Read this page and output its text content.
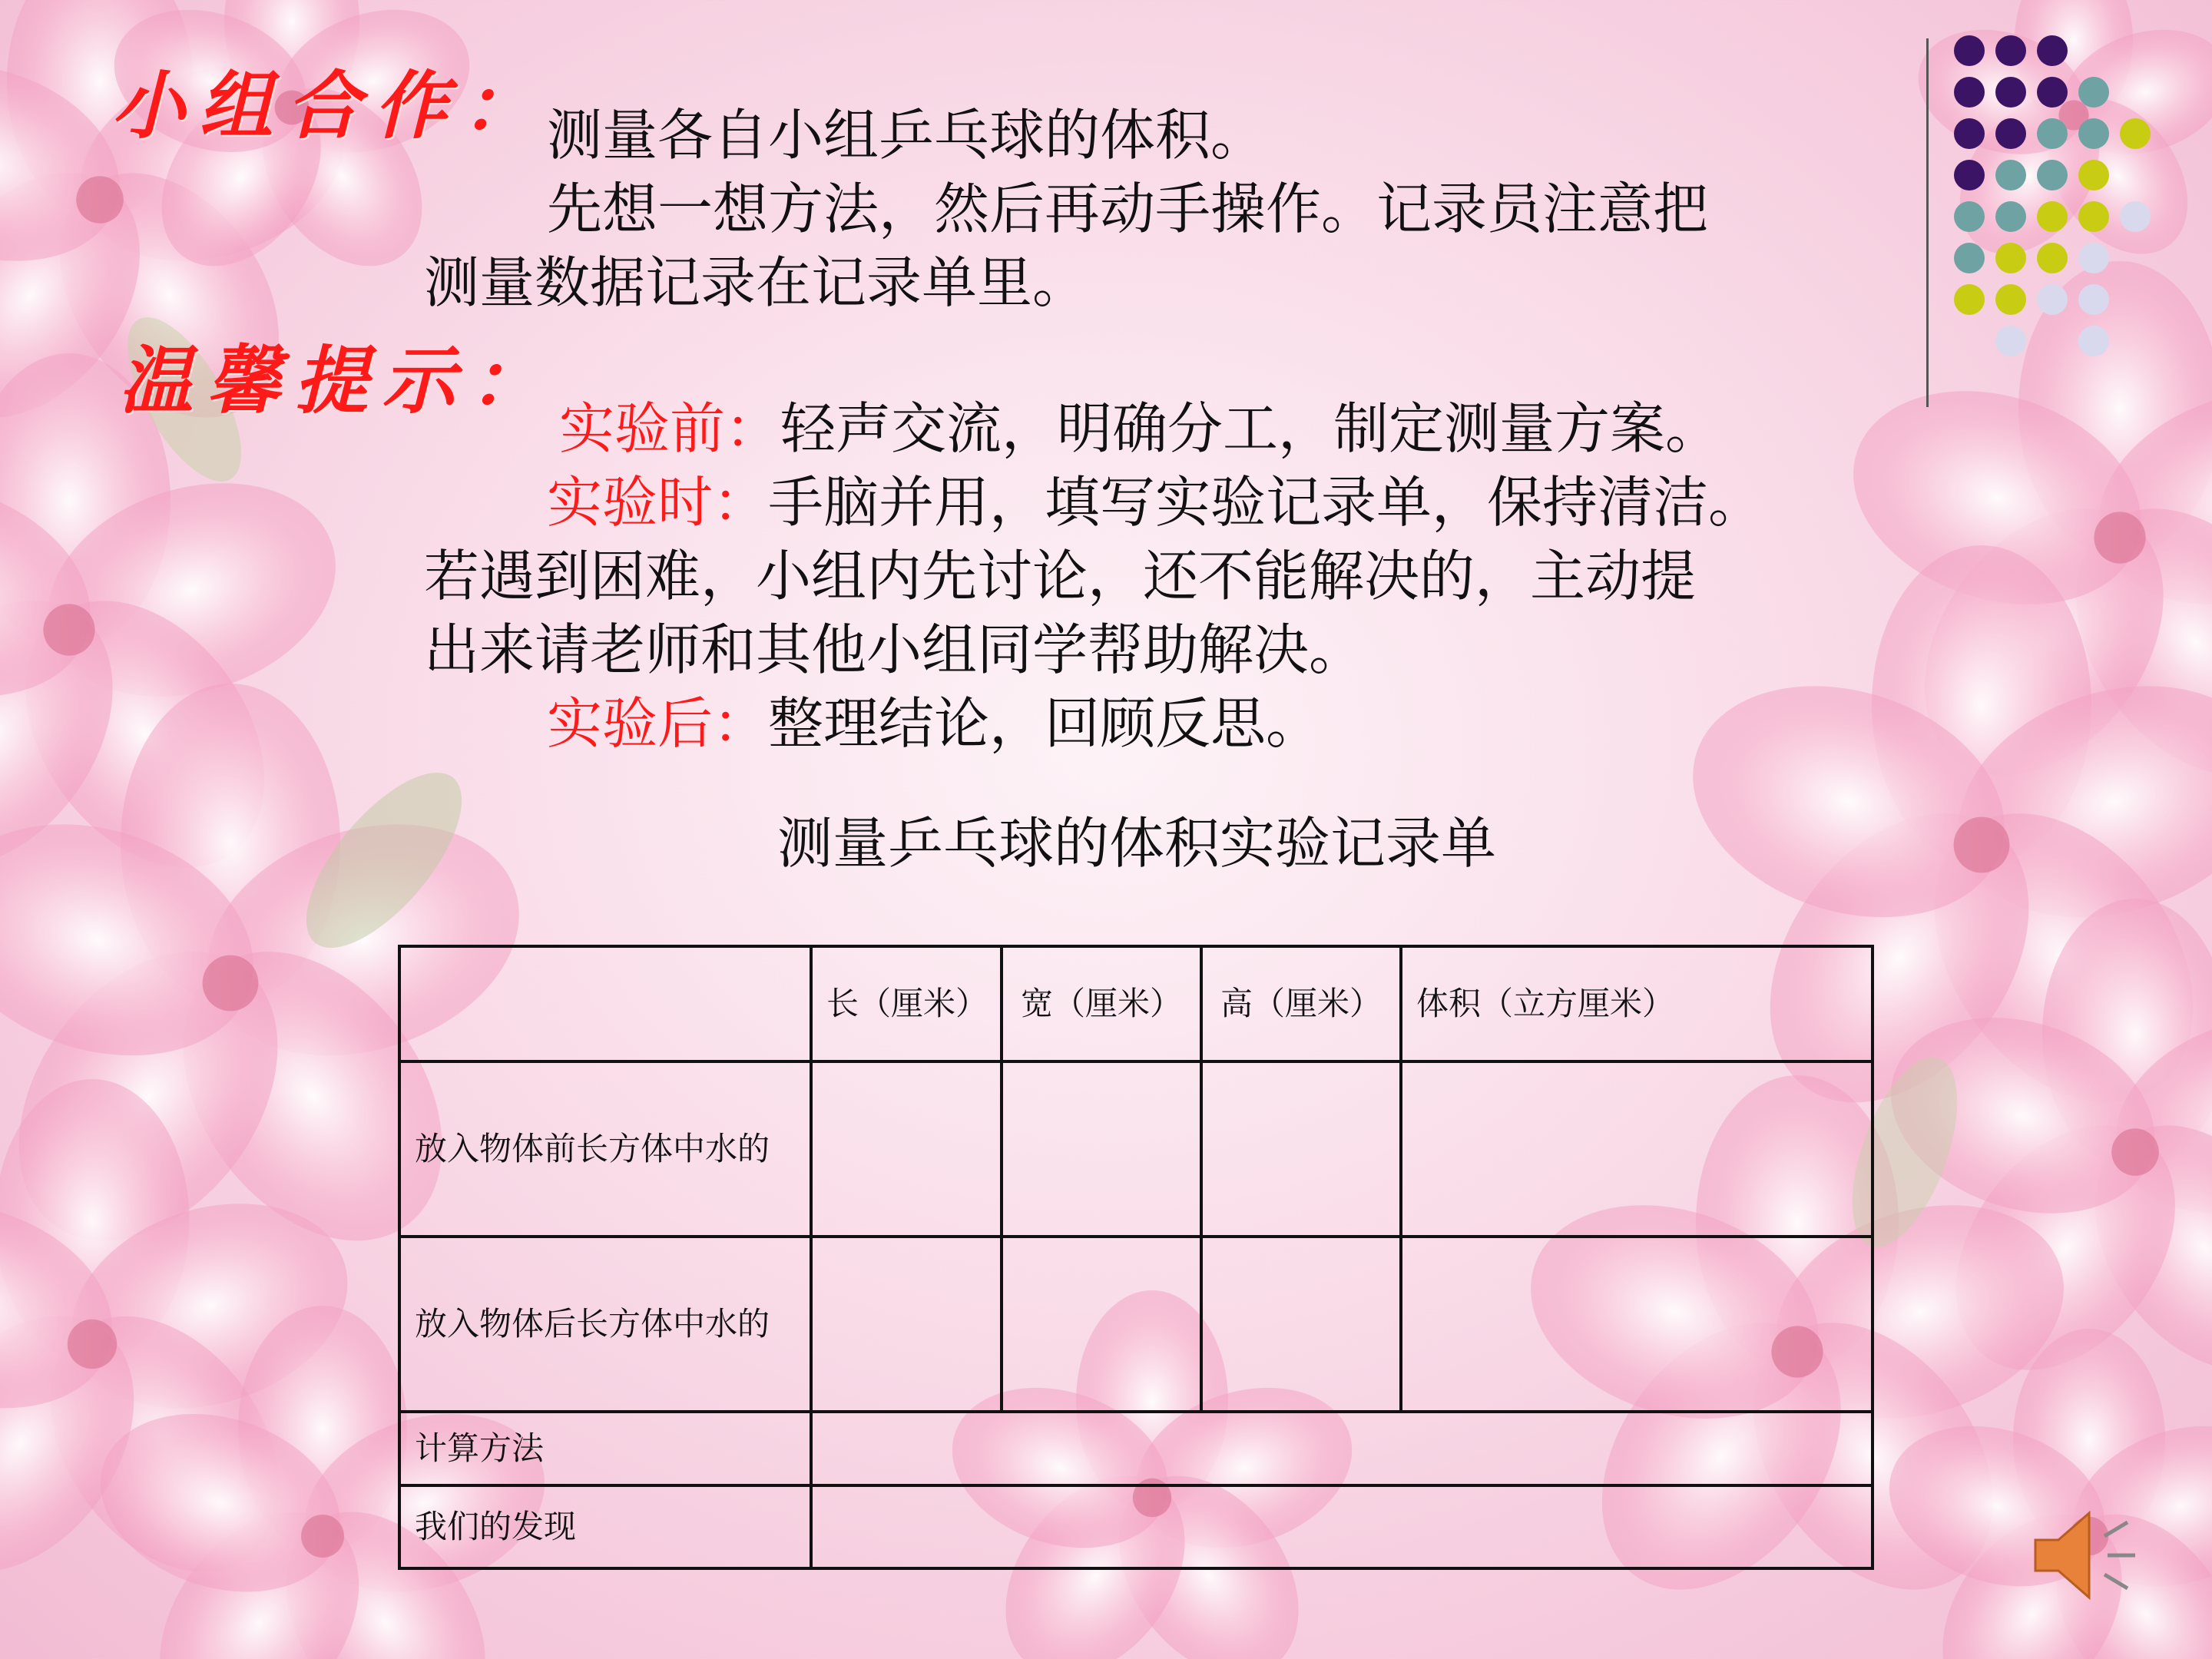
小组合作：
测量各自小组乒乓球的体积。
先想一想方法，然后再动手操作。记录员注意把
测量数据记录在记录单里。
温馨提示：
实验前：轻声交流，明确分工，制定测量方案。
实验时：手脑并用，填写实验记录单，保持清洁。
若遇到困难，小组内先讨论，还不能解决的，主动提
出来请老师和其他小组同学帮助解决。
实验后：整理结论，回顾反思。
测量乒乓球的体积实验记录单
	长（厘米）	宽（厘米）	高（厘米）	体积（立方厘米）
放入物体前长方体中水的				
放入物体后长方体中水的				
计算方法				
我们的发现				
